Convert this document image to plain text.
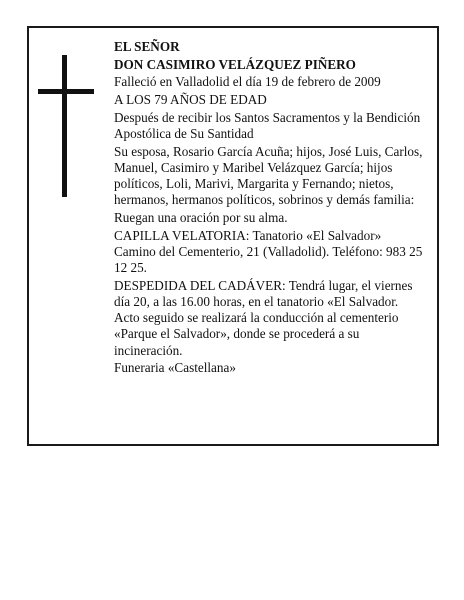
EL SEÑOR

DON CASIMIRO VELÁZQUEZ PIÑERO

Falleció en Valladolid el día 19 de febrero de 2009

A LOS 79 AÑOS DE EDAD

Después de recibir los Santos Sacramentos y la Bendición Apostólica de Su Santidad

Su esposa, Rosario García Acuña; hijos, José Luis, Carlos, Manuel, Casimiro y Maribel Velázquez García; hijos políticos, Loli, Marivi, Margarita y Fernando; nietos, hermanos, hermanos políticos, sobrinos y demás familia:

Ruegan una oración por su alma.

CAPILLA VELATORIA: Tanatorio «El Salvador» Camino del Cementerio, 21 (Valladolid). Teléfono: 983 25 12 25.

DESPEDIDA DEL CADÁVER: Tendrá lugar, el viernes día 20, a las 16.00 horas, en el tanatorio «El Salvador. Acto seguido se realizará la conducción al cementerio «Parque el Salvador», donde se procederá a su incineración.

Funeraria «Castellana»
